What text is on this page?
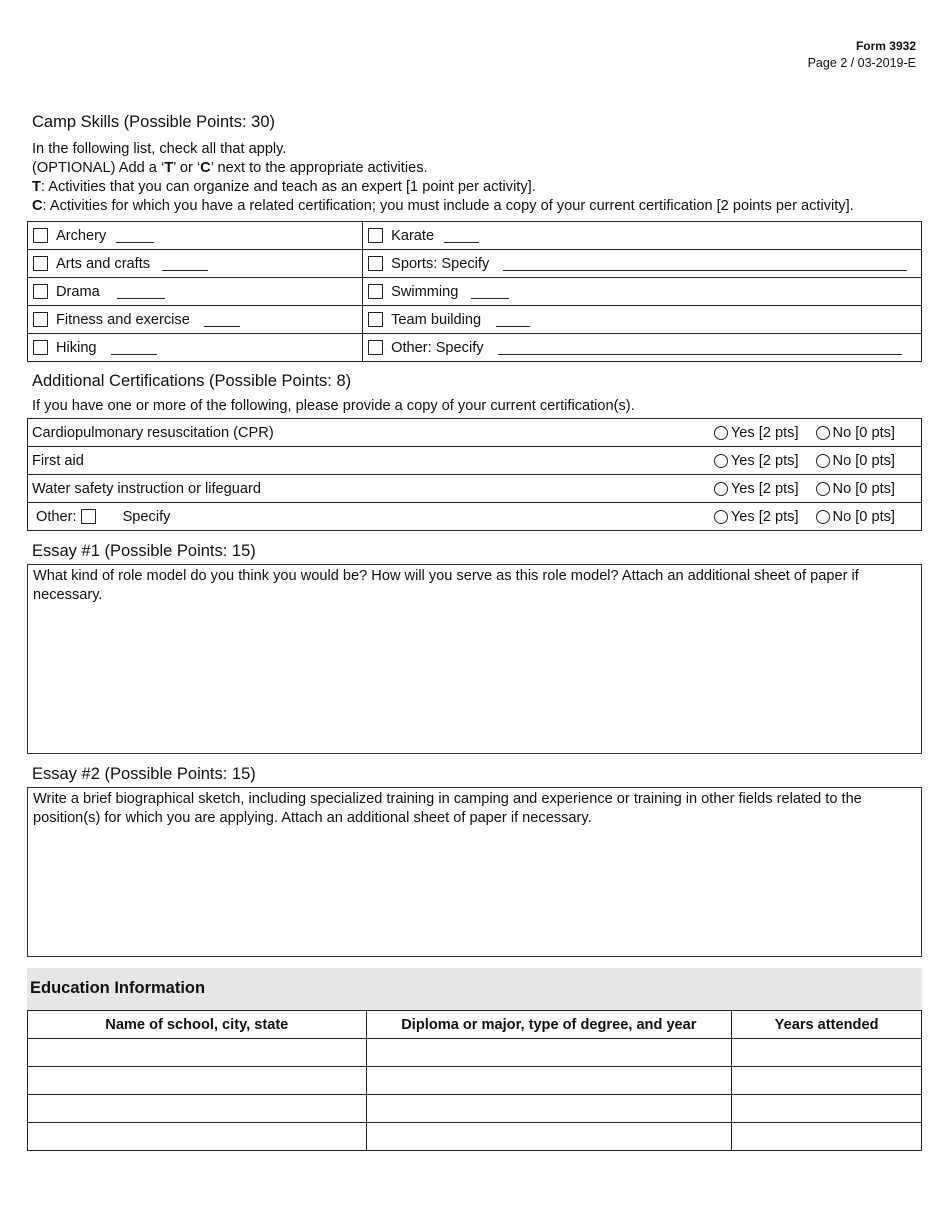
Form 3932
Page 2 / 03-2019-E
Camp Skills (Possible Points: 30)
In the following list, check all that apply.
(OPTIONAL) Add a ‘T’ or ‘C’ next to the appropriate activities.
T: Activities that you can organize and teach as an expert [1 point per activity].
C: Activities for which you have a related certification; you must include a copy of your current certification [2 points per activity].
Archery	Karate

Arts and crafts	Sports: Specify

Drama	Swimming

Fitness and exercise	Team building

Hiking	Other: Specify
Additional Certifications (Possible Points: 8)
If you have one or more of the following, please provide a copy of your current certification(s).
Cardiopulmonary resuscitation (CPR)	Yes [2 pts] No [0 pts]

First aid	Yes [2 pts] No [0 pts]

Water safety instruction or lifeguard	Yes [2 pts] No [0 pts]

Other:	Specify	Yes [2 pts] No [0 pts]
Essay #1 (Possible Points: 15)
What kind of role model do you think you would be? How will you serve as this role model? Attach an additional sheet of paper if necessary.
Essay #2 (Possible Points: 15)
Write a brief biographical sketch, including specialized training in camping and experience or training in other fields related to the position(s) for which you are applying. Attach an additional sheet of paper if necessary.
Education Information
Name of school, city, state	Diploma or major, type of degree, and year	Years attended
